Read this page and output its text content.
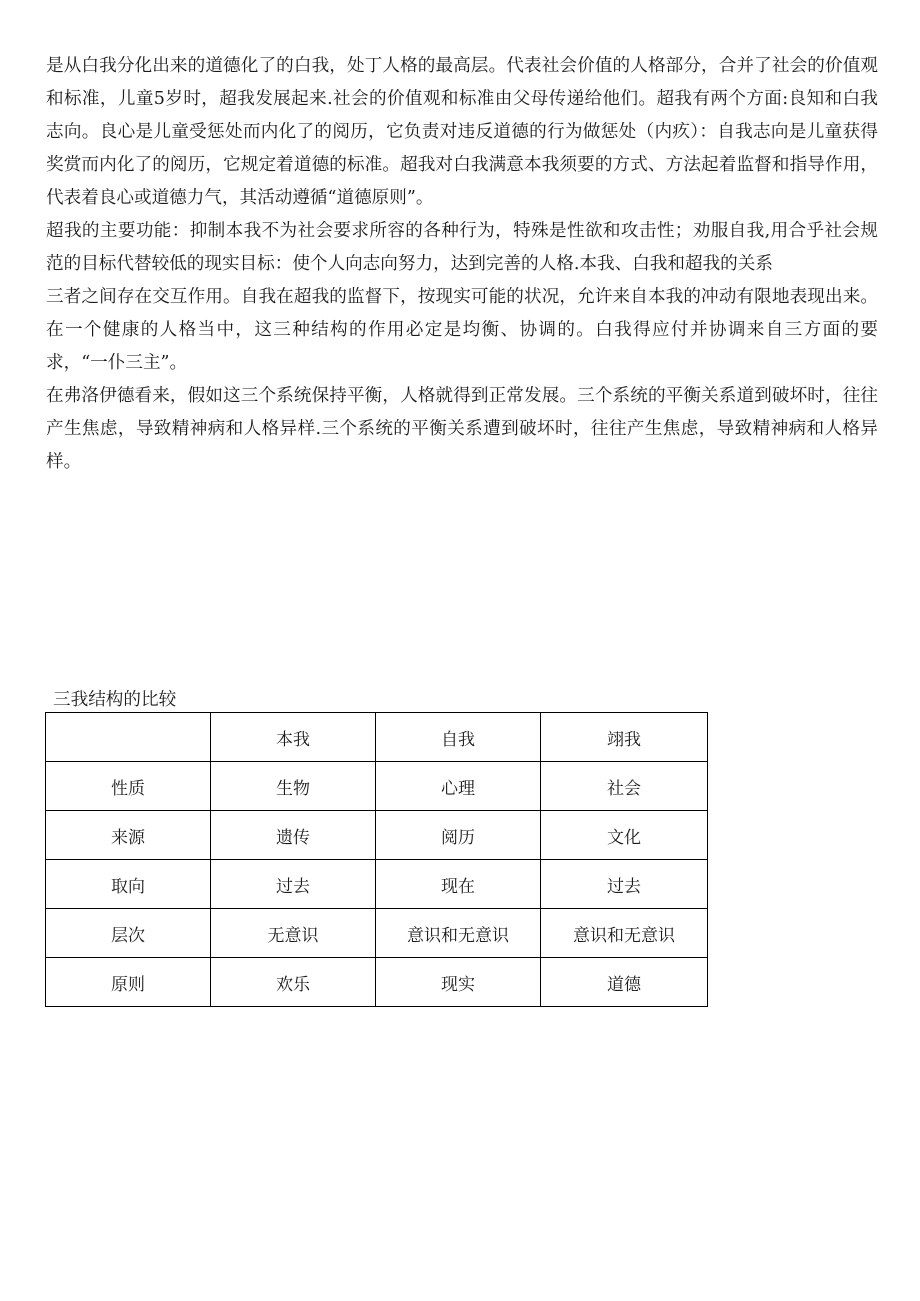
是从白我分化出来的道德化了的白我，处丁人格的最高层。代表社会价值的人格部分，合并了社会的价值观和标准，儿童5岁时，超我发展起来.社会的价值观和标准由父母传递给他们。超我有两个方面:良知和白我志向。良心是儿童受惩处而内化了的阅历，它负责对违反道德的行为做惩处（内疚）：自我志向是儿童获得奖赏而内化了的阅历，它规定着道德的标准。超我对白我满意本我须要的方式、方法起着监督和指导作用，代表着良心或道德力气，其活动遵循“道德原则”。

超我的主要功能：抑制本我不为社会要求所容的各种行为，特殊是性欲和攻击性；劝服自我,用合乎社会规范的目标代替较低的现实目标：使个人向志向努力，达到完善的人格.本我、白我和超我的关系

三者之间存在交互作用。自我在超我的监督下，按现实可能的状况，允许来自本我的冲动有限地表现出来。在一个健康的人格当中，这三种结构的作用必定是均衡、协调的。白我得应付并协调来自三方面的要求，“一仆三主”。

在弗洛伊德看来，假如这三个系统保持平衡，人格就得到正常发展。三个系统的平衡关系道到破坏时，往往产生焦虑，导致精神病和人格异样.三个系统的平衡关系遭到破坏时，往往产生焦虑，导致精神病和人格异样。

三我结构的比较
	本我	自我	翊我
性质	生物	心理	社会
来源	遗传	阅历	文化
取向	过去	现在	过去
层次	无意识	意识和无意识	意识和无意识
原则	欢乐	现实	道德
